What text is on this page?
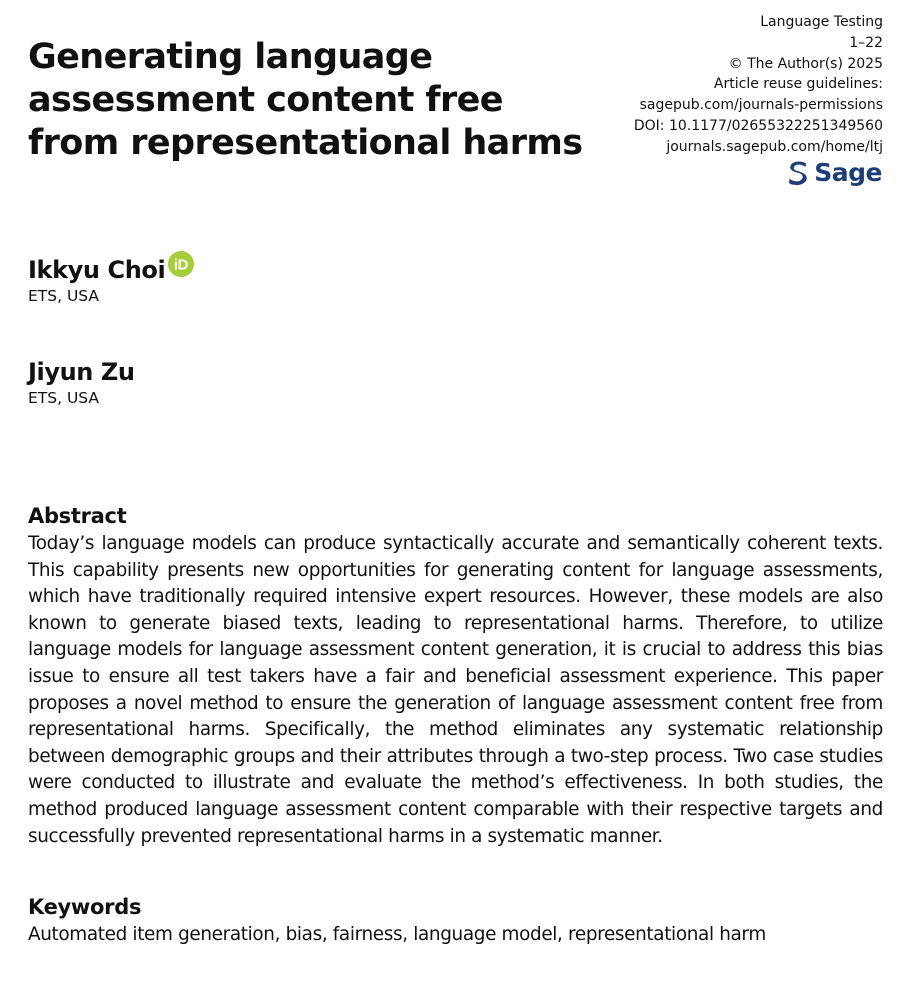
Generating language
assessment content free
from representational harms
Language Testing
1–22
© The Author(s) 2025
Article reuse guidelines:
sagepub.com/journals-permissions
DOI: 10.1177/02655322251349560
journals.sagepub.com/home/ltj
Sage
Ikkyu Choi iD
ETS, USA
Jiyun Zu
ETS, USA
Abstract
Today’s language models can produce syntactically accurate and semantically coherent texts. This capability presents new opportunities for generating content for language assessments, which have traditionally required intensive expert resources. However, these models are also known to generate biased texts, leading to representational harms. Therefore, to utilize language models for language assessment content generation, it is crucial to address this bias issue to ensure all test takers have a fair and beneficial assessment experience. This paper proposes a novel method to ensure the generation of language assessment content free from representational harms. Specifically, the method eliminates any systematic relationship between demographic groups and their attributes through a two-step process. Two case studies were conducted to illustrate and evaluate the method’s effectiveness. In both studies, the method produced language assessment content comparable with their respective targets and successfully prevented representational harms in a systematic manner.
Keywords
Automated item generation, bias, fairness, language model, representational harm
